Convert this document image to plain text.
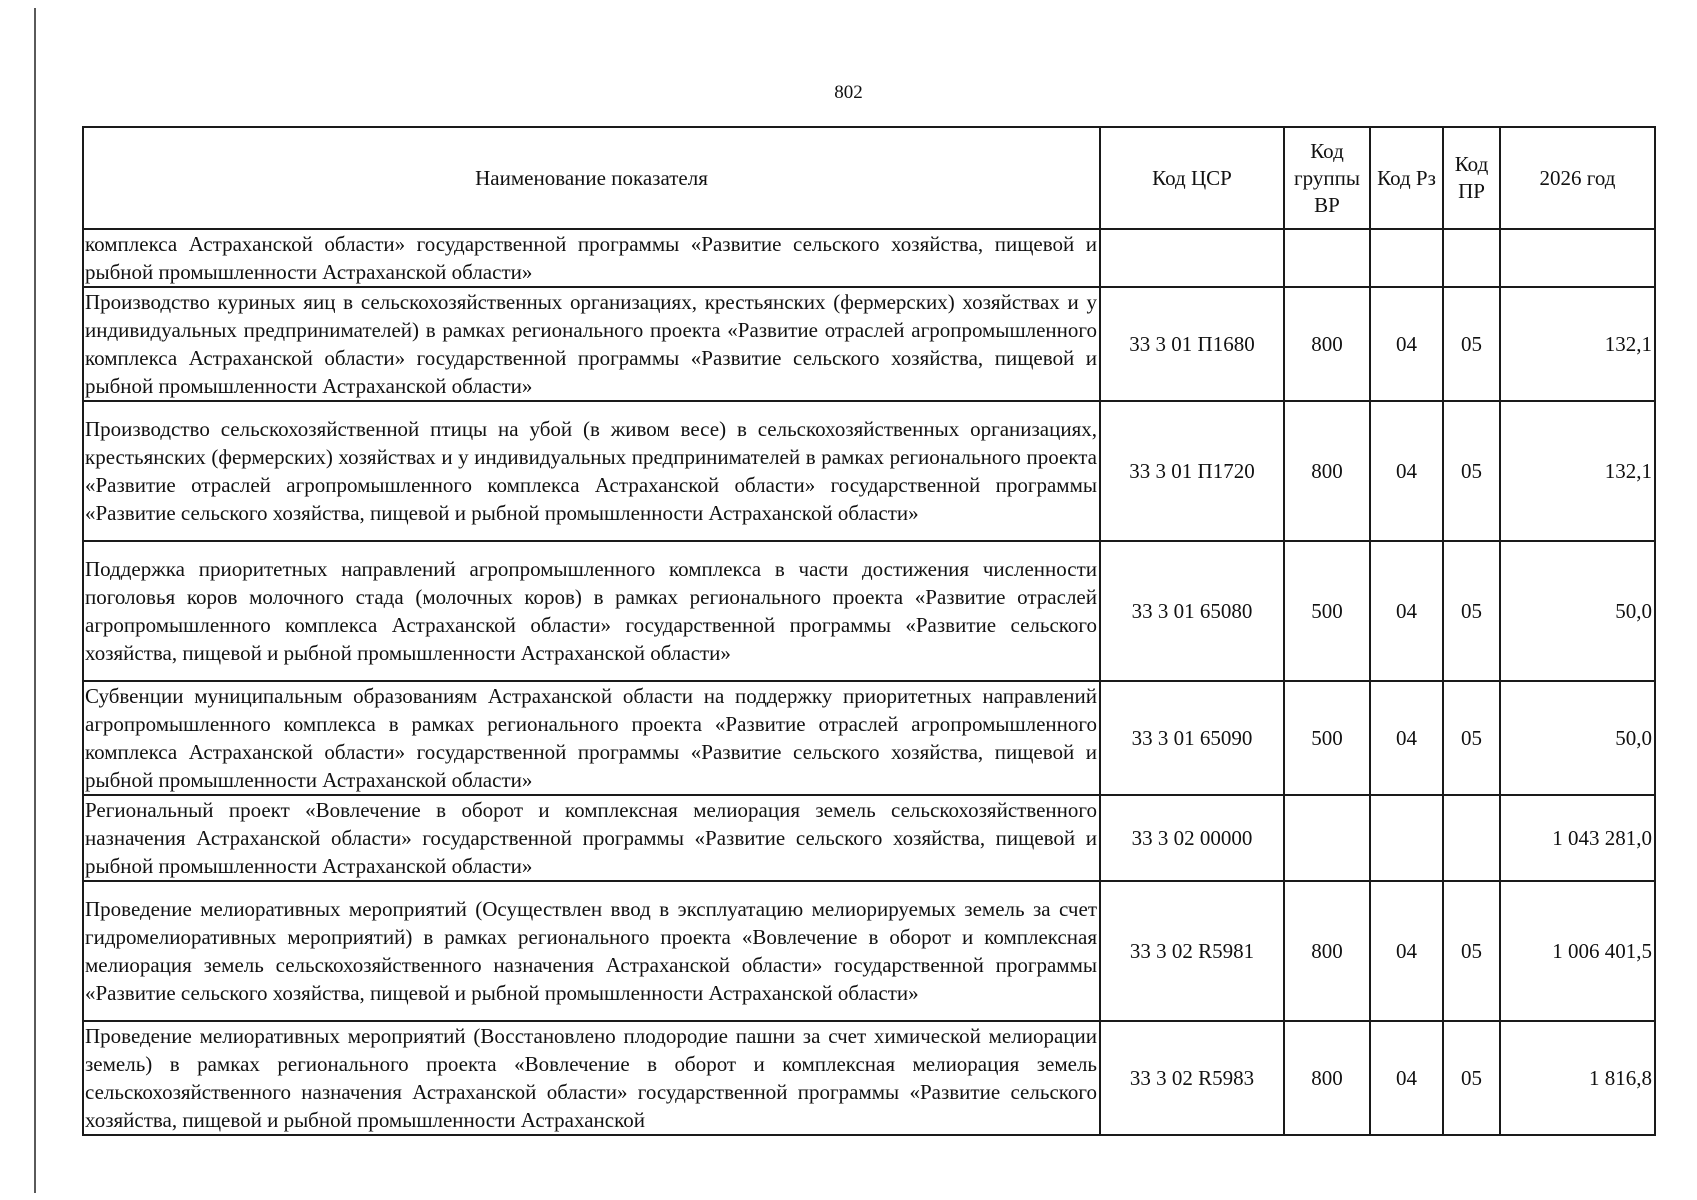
802
Наименование показателя	Код ЦСР	Код группы ВР	Код Рз	Код ПР	2026 год
комплекса Астраханской области» государственной программы «Развитие сельского хозяйства, пищевой и рыбной промышленности Астраханской области»					
Производство куриных яиц в сельскохозяйственных организациях, крестьянских (фермерских) хозяйствах и у индивидуальных предпринимателей) в рамках регионального проекта «Развитие отраслей агропромышленного комплекса Астраханской области» государственной программы «Развитие сельского хозяйства, пищевой и рыбной промышленности Астраханской области»	33 3 01 П1680	800	04	05	132,1
Производство сельскохозяйственной птицы на убой (в живом весе) в сельскохозяйственных организациях, крестьянских (фермерских) хозяйствах и у индивидуальных предпринимателей в рамках регионального проекта «Развитие отраслей агропромышленного комплекса Астраханской области» государственной программы «Развитие сельского хозяйства, пищевой и рыбной промышленности Астраханской области»	33 3 01 П1720	800	04	05	132,1
Поддержка приоритетных направлений агропромышленного комплекса в части достижения численности поголовья коров молочного стада (молочных коров) в рамках регионального проекта «Развитие отраслей агропромышленного комплекса Астраханской области» государственной программы «Развитие сельского хозяйства, пищевой и рыбной промышленности Астраханской области»	33 3 01 65080	500	04	05	50,0
Субвенции муниципальным образованиям Астраханской области на поддержку приоритетных направлений агропромышленного комплекса в рамках регионального проекта «Развитие отраслей агропромышленного комплекса Астраханской области» государственной программы «Развитие сельского хозяйства, пищевой и рыбной промышленности Астраханской области»	33 3 01 65090	500	04	05	50,0
Региональный проект «Вовлечение в оборот и комплексная мелиорация земель сельскохозяйственного назначения Астраханской области» государственной программы «Развитие сельского хозяйства, пищевой и рыбной промышленности Астраханской области»	33 3 02 00000				1 043 281,0
Проведение мелиоративных мероприятий (Осуществлен ввод в эксплуатацию мелиорируемых земель за счет гидромелиоративных мероприятий) в рамках регионального проекта «Вовлечение в оборот и комплексная мелиорация земель сельскохозяйственного назначения Астраханской области» государственной программы «Развитие сельского хозяйства, пищевой и рыбной промышленности Астраханской области»	33 3 02 R5981	800	04	05	1 006 401,5
Проведение мелиоративных мероприятий (Восстановлено плодородие пашни за счет химической мелиорации земель) в рамках регионального проекта «Вовлечение в оборот и комплексная мелиорация земель сельскохозяйственного назначения Астраханской области» государственной программы «Развитие сельского хозяйства, пищевой и рыбной промышленности Астраханской	33 3 02 R5983	800	04	05	1 816,8
